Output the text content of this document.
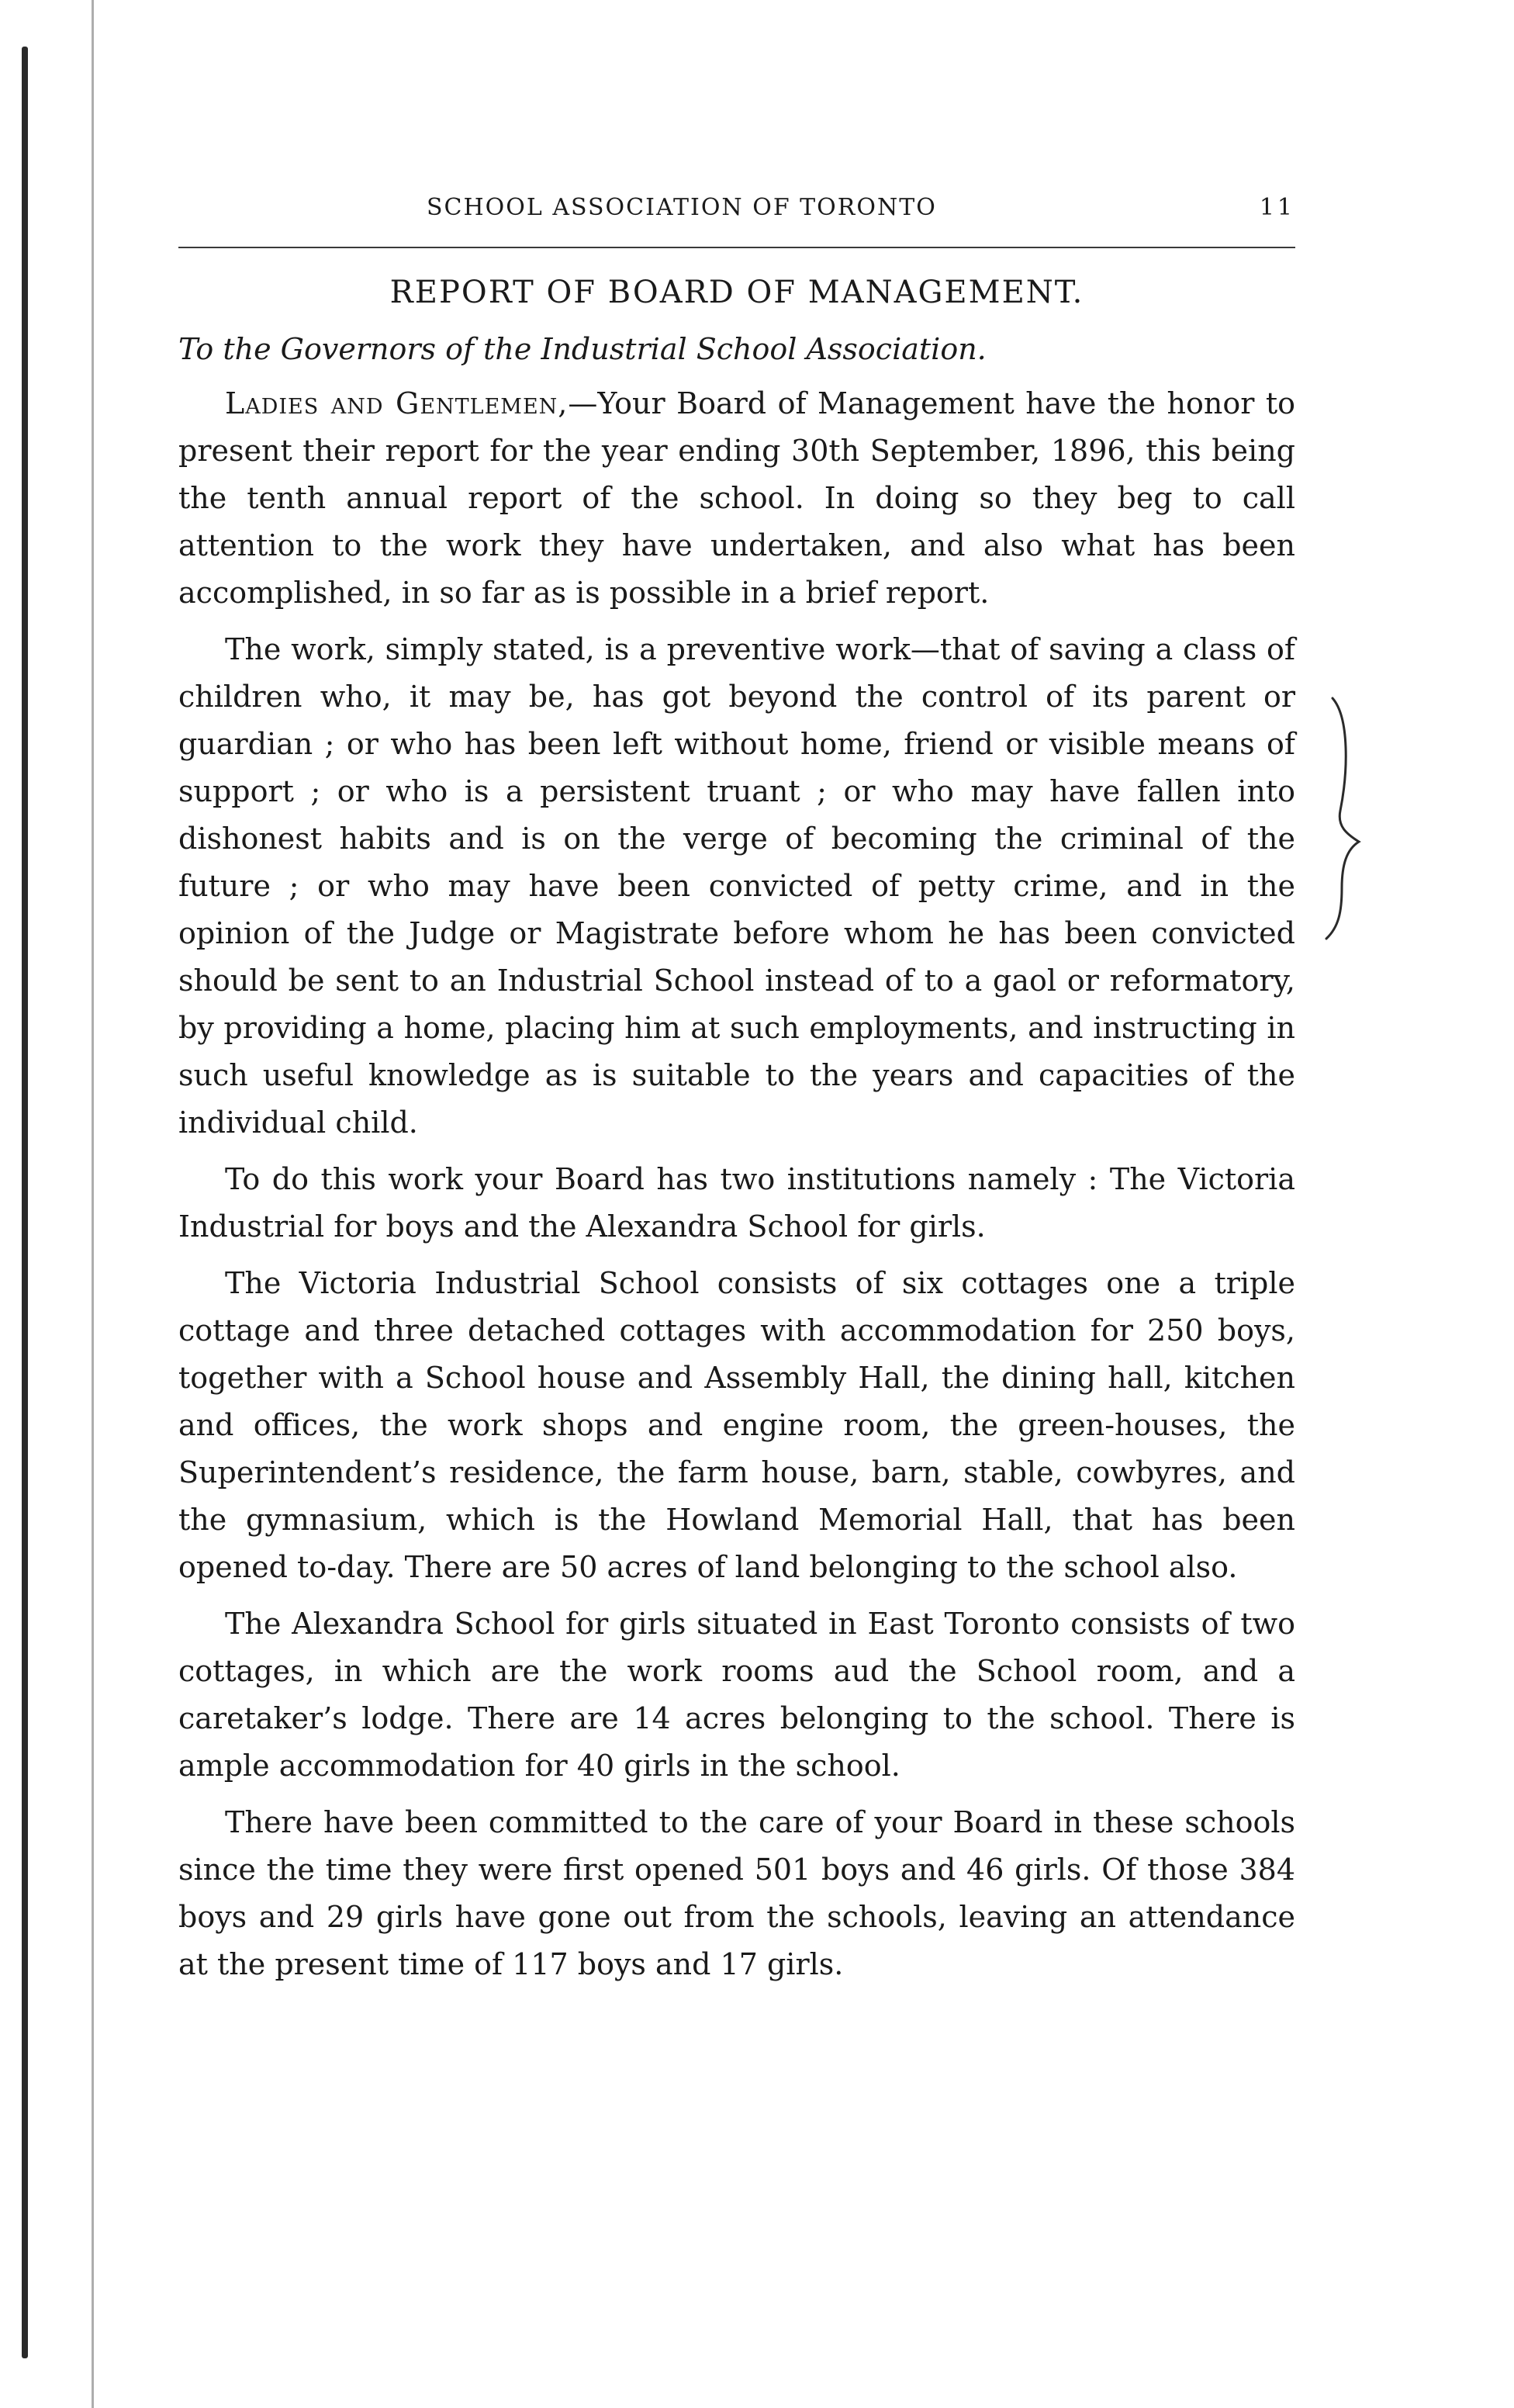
SCHOOL ASSOCIATION OF TORONTO	11
REPORT OF BOARD OF MANAGEMENT.
To the Governors of the Industrial School Association.

Ladies and Gentlemen,—Your Board of Management have the honor to present their report for the year ending 30th September, 1896, this being the tenth annual report of the school. In doing so they beg to call attention to the work they have undertaken, and also what has been accomplished, in so far as is possible in a brief report.

The work, simply stated, is a preventive work—that of saving a class of children who, it may be, has got beyond the control of its parent or guardian ; or who has been left without home, friend or visible means of support ; or who is a persistent truant ; or who may have fallen into dishonest habits and is on the verge of becoming the criminal of the future ; or who may have been convicted of petty crime, and in the opinion of the Judge or Magistrate before whom he has been convicted should be sent to an Industrial School instead of to a gaol or reformatory, by providing a home, placing him at such employments, and instructing in such useful knowledge as is suitable to the years and capacities of the individual child.

To do this work your Board has two institutions namely : The Victoria Industrial for boys and the Alexandra School for girls.

The Victoria Industrial School consists of six cottages one a triple cottage and three detached cottages with accommodation for 250 boys, together with a School house and Assembly Hall, the dining hall, kitchen and offices, the work shops and engine room, the green-houses, the Superintendent’s residence, the farm house, barn, stable, cowbyres, and the gymnasium, which is the Howland Memorial Hall, that has been opened to-day. There are 50 acres of land belonging to the school also.

The Alexandra School for girls situated in East Toronto consists of two cottages, in which are the work rooms aud the School room, and a caretaker’s lodge. There are 14 acres belonging to the school. There is ample accommodation for 40 girls in the school.

There have been committed to the care of your Board in these schools since the time they were first opened 501 boys and 46 girls. Of those 384 boys and 29 girls have gone out from the schools, leaving an attendance at the present time of 117 boys and 17 girls.
